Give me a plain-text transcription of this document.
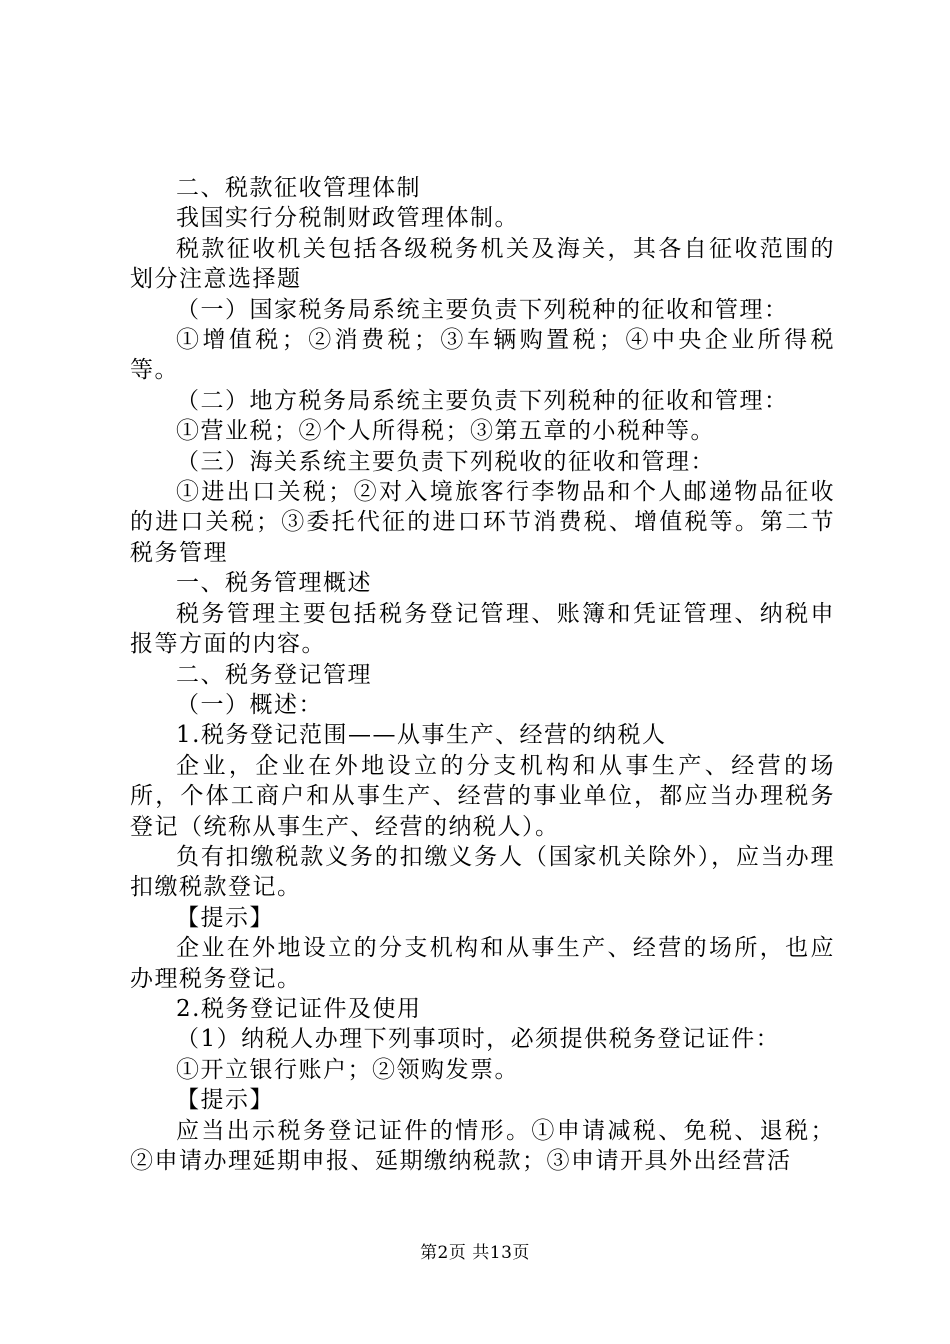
二、税款征收管理体制

我国实行分税制财政管理体制。

税款征收机关包括各级税务机关及海关，其各自征收范围的划分注意选择题

（一）国家税务局系统主要负责下列税种的征收和管理：

①增值税；②消费税；③车辆购置税；④中央企业所得税等。

（二）地方税务局系统主要负责下列税种的征收和管理：

①营业税；②个人所得税；③第五章的小税种等。

（三）海关系统主要负责下列税收的征收和管理：

①进出口关税；②对入境旅客行李物品和个人邮递物品征收的进口关税；③委托代征的进口环节消费税、增值税等。第二节税务管理

一、税务管理概述

税务管理主要包括税务登记管理、账簿和凭证管理、纳税申报等方面的内容。

二、税务登记管理

（一）概述：

1.税务登记范围——从事生产、经营的纳税人

企业，企业在外地设立的分支机构和从事生产、经营的场所，个体工商户和从事生产、经营的事业单位，都应当办理税务登记（统称从事生产、经营的纳税人）。

负有扣缴税款义务的扣缴义务人（国家机关除外），应当办理扣缴税款登记。

【提示】

企业在外地设立的分支机构和从事生产、经营的场所，也应办理税务登记。

2.税务登记证件及使用

（1）纳税人办理下列事项时，必须提供税务登记证件：

①开立银行账户；②领购发票。

【提示】

应当出示税务登记证件的情形。①申请减税、免税、退税；②申请办理延期申报、延期缴纳税款；③申请开具外出经营活

第2页 共13页
